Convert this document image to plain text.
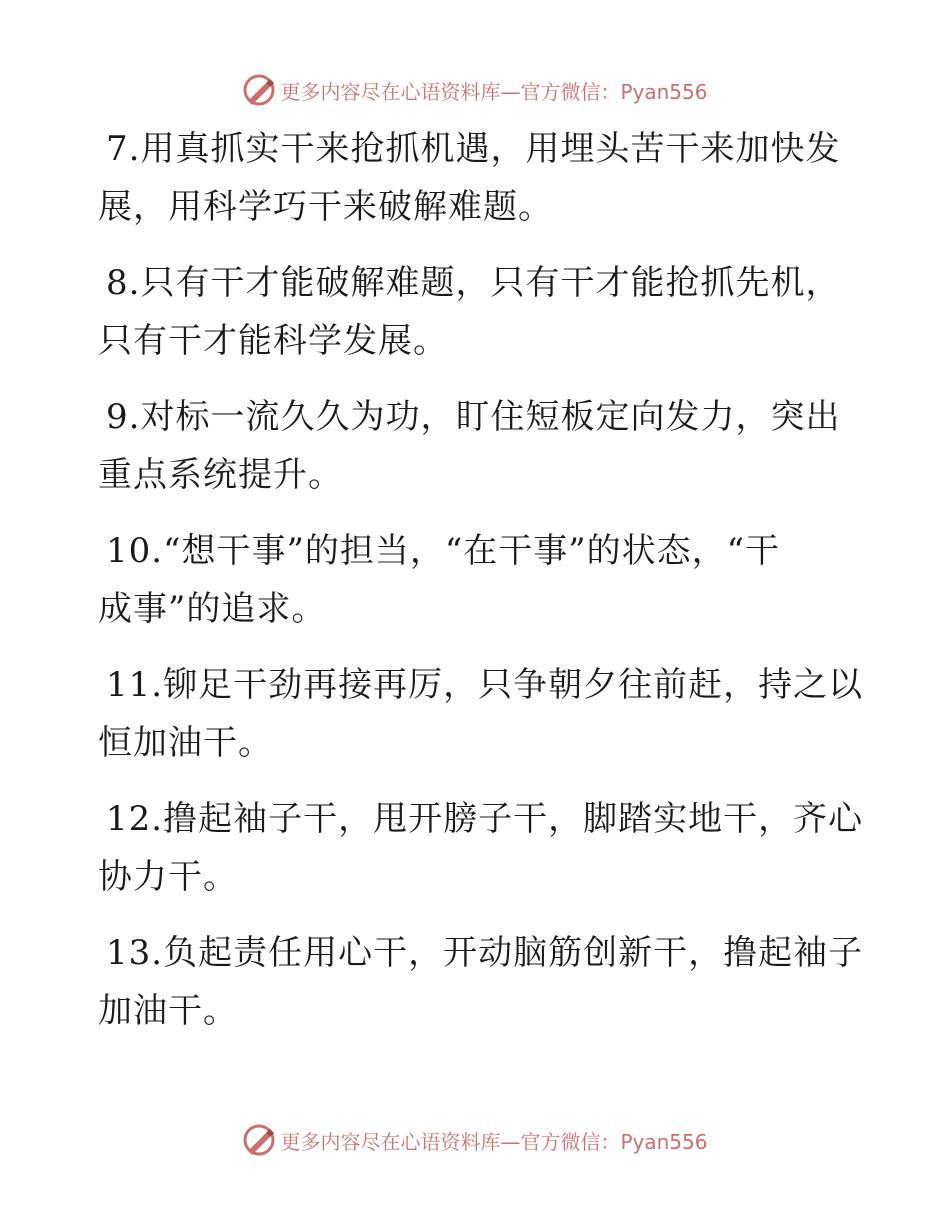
更多内容尽在心语资料库—官方微信：Pyan556

7.用真抓实干来抢抓机遇，用埋头苦干来加快发
展，用科学巧干来破解难题。

8.只有干才能破解难题，只有干才能抢抓先机，
只有干才能科学发展。

9.对标一流久久为功，盯住短板定向发力，突出
重点系统提升。

10.“想干事”的担当，“在干事”的状态，“干
成事”的追求。

11.铆足干劲再接再厉，只争朝夕往前赶，持之以
恒加油干。

12.撸起袖子干，甩开膀子干，脚踏实地干，齐心
协力干。

13.负起责任用心干，开动脑筋创新干，撸起袖子
加油干。

更多内容尽在心语资料库—官方微信：Pyan556
